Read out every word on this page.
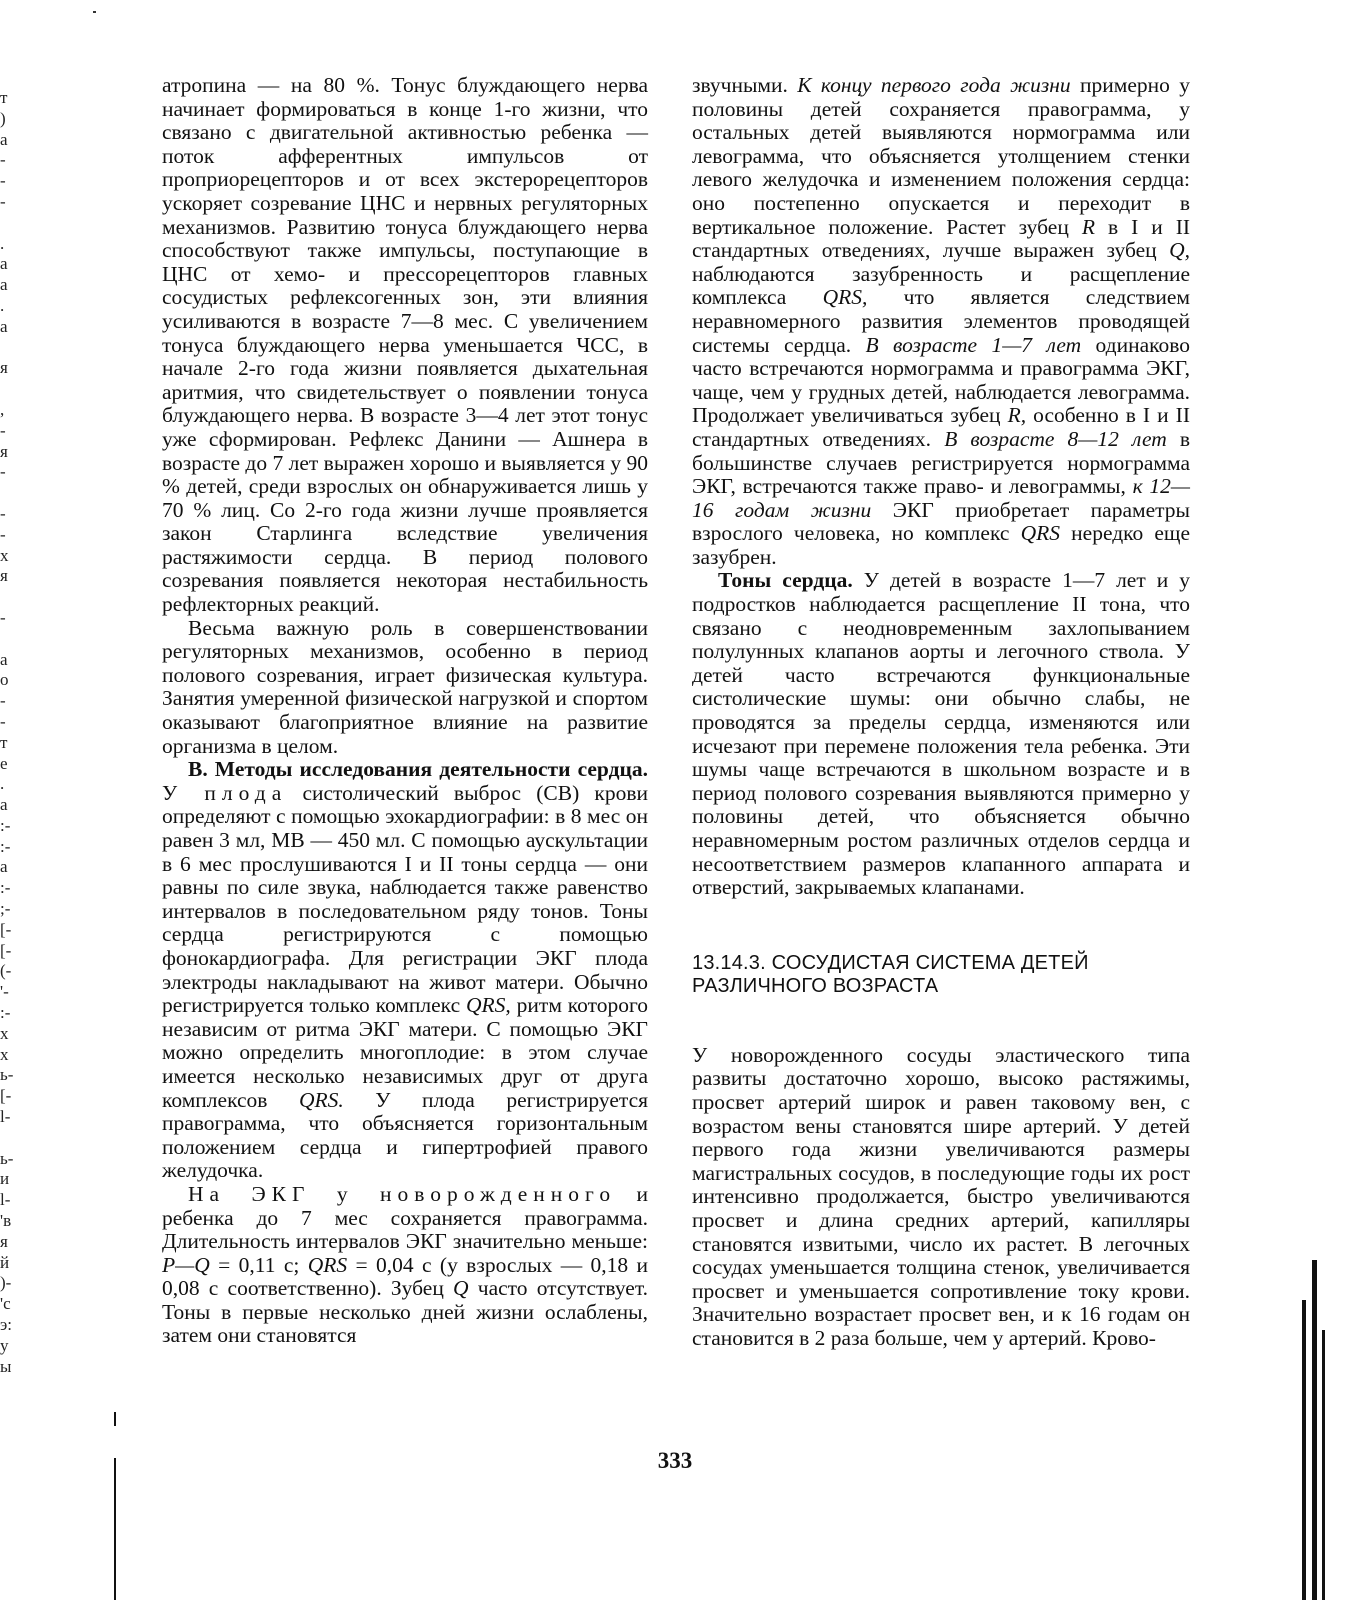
т
)
а
-
-
-
.
а
а
.
а
я
,
-
я
-
-
-
х
я
-
а
о
-
-
т
е
.
а
:-
:-
а
:-
;-
[-
[-
(-
'-
:-
х
х
ь-
[-
l-
ь-
и
l-
'в
я
й
)-
'с
э:
у
ы

атропина — на 80 %. Тонус блуждающего нерва начинает формироваться в конце 1-го жизни, что связано с двигательной активностью ребенка — поток афферентных импульсов от проприорецепторов и от всех экстерорецепторов ускоряет созревание ЦНС и нервных регуляторных механизмов. Развитию тонуса блуждающего нерва способствуют также импульсы, поступающие в ЦНС от хемо- и прессорецепторов главных сосудистых рефлексогенных зон, эти влияния усиливаются в возрасте 7—8 мес. С увеличением тонуса блуждающего нерва уменьшается ЧСС, в начале 2-го года жизни появляется дыхательная аритмия, что свидетельствует о появлении тонуса блуждающего нерва. В возрасте 3—4 лет этот тонус уже сформирован. Рефлекс Данини — Ашнера в возрасте до 7 лет выражен хорошо и выявляется у 90 % детей, среди взрослых он обнаруживается лишь у 70 % лиц. Со 2-го года жизни лучше проявляется закон Старлинга вследствие увеличения растяжимости сердца. В период полового созревания появляется некоторая нестабильность рефлекторных реакций.

Весьма важную роль в совершенствовании регуляторных механизмов, особенно в период полового созревания, играет физическая культура. Занятия умеренной физической нагрузкой и спортом оказывают благоприятное влияние на развитие организма в целом.

В. Методы исследования деятельности сердца. У плода систолический выброс (СВ) крови определяют с помощью эхокардиографии: в 8 мес он равен 3 мл, МВ — 450 мл. С помощью аускультации в 6 мес прослушиваются I и II тоны сердца — они равны по силе звука, наблюдается также равенство интервалов в последовательном ряду тонов. Тоны сердца регистрируются с помощью фонокардиографа. Для регистрации ЭКГ плода электроды накладывают на живот матери. Обычно регистрируется только комплекс QRS, ритм которого независим от ритма ЭКГ матери. С помощью ЭКГ можно определить многоплодие: в этом случае имеется несколько независимых друг от друга комплексов QRS. У плода регистрируется правограмма, что объясняется горизонтальным положением сердца и гипертрофией правого желудочка.

На ЭКГ у новорожденного и ребенка до 7 мес сохраняется правограмма. Длительность интервалов ЭКГ значительно меньше: P—Q = 0,11 с; QRS = 0,04 с (у взрослых — 0,18 и 0,08 с соответственно). Зубец Q часто отсутствует. Тоны в первые несколько дней жизни ослаблены, затем они становятся

звучными. К концу первого года жизни примерно у половины детей сохраняется правограмма, у остальных детей выявляются нормограмма или левограмма, что объясняется утолщением стенки левого желудочка и изменением положения сердца: оно постепенно опускается и переходит в вертикальное положение. Растет зубец R в I и II стандартных отведениях, лучше выражен зубец Q, наблюдаются зазубренность и расщепление комплекса QRS, что является следствием неравномерного развития элементов проводящей системы сердца. В возрасте 1—7 лет одинаково часто встречаются нормограмма и правограмма ЭКГ, чаще, чем у грудных детей, наблюдается левограмма. Продолжает увеличиваться зубец R, особенно в I и II стандартных отведениях. В возрасте 8—12 лет в большинстве случаев регистрируется нормограмма ЭКГ, встречаются также право- и левограммы, к 12—16 годам жизни ЭКГ приобретает параметры взрослого человека, но комплекс QRS нередко еще зазубрен.

Тоны сердца. У детей в возрасте 1—7 лет и у подростков наблюдается расщепление II тона, что связано с неодновременным захлопыванием полулунных клапанов аорты и легочного ствола. У детей часто встречаются функциональные систолические шумы: они обычно слабы, не проводятся за пределы сердца, изменяются или исчезают при перемене положения тела ребенка. Эти шумы чаще встречаются в школьном возрасте и в период полового созревания выявляются примерно у половины детей, что объясняется обычно неравномерным ростом различных отделов сердца и несоответствием размеров клапанного аппарата и отверстий, закрываемых клапанами.

13.14.3. СОСУДИСТАЯ СИСТЕМА ДЕТЕЙ
РАЗЛИЧНОГО ВОЗРАСТА

У новорожденного сосуды эластического типа развиты достаточно хорошо, высоко растяжимы, просвет артерий широк и равен таковому вен, с возрастом вены становятся шире артерий. У детей первого года жизни увеличиваются размеры магистральных сосудов, в последующие годы их рост интенсивно продолжается, быстро увеличиваются просвет и длина средних артерий, капилляры становятся извитыми, число их растет. В легочных сосудах уменьшается толщина стенок, увеличивается просвет и уменьшается сопротивление току крови. Значительно возрастает просвет вен, и к 16 годам он становится в 2 раза больше, чем у артерий. Крово-

333
